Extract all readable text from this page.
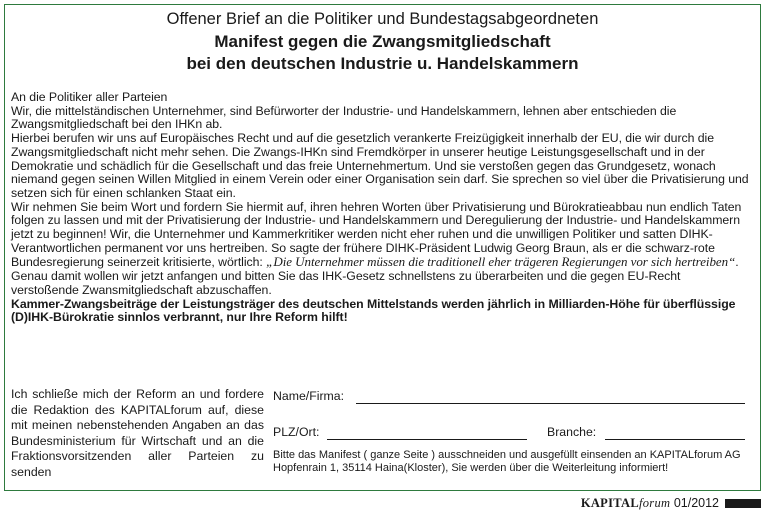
Offener Brief an die Politiker und Bundestagsabgeordneten
Manifest gegen die Zwangsmitgliedschaft
bei den deutschen Industrie u. Handelskammern

An die Politiker aller Parteien

Wir, die mittelständischen Unternehmer, sind Befürworter der Industrie- und Handelskammern, lehnen aber entschieden die Zwangsmitgliedschaft bei den IHKn ab.

Hierbei berufen wir uns auf Europäisches Recht und auf die gesetzlich verankerte Freizügigkeit innerhalb der EU, die wir durch die Zwangsmitgliedschaft nicht mehr sehen. Die Zwangs-IHKn sind Fremdkörper in unserer heutige Leistungsgesellschaft und in der Demokratie und schädlich für die Gesellschaft und das freie Unternehmertum. Und sie verstoßen gegen das Grundgesetz, wonach niemand gegen seinen Willen Mitglied in einem Verein oder einer Organisation sein darf. Sie sprechen so viel über die Privatisierung und setzen sich für einen schlanken Staat ein.

Wir nehmen Sie beim Wort und fordern Sie hiermit auf, ihren hehren Worten über Privatisierung und Bürokratieabbau nun endlich Taten folgen zu lassen und mit der Privatisierung der Industrie- und Handelskammern und Deregulierung der Industrie- und Handelskammern jetzt zu beginnen! Wir, die Unternehmer und Kammerkritiker werden nicht eher ruhen und die unwilligen Politiker und satten DIHK-Verantwortlichen permanent vor uns hertreiben. So sagte der frühere DIHK-Präsident Ludwig Georg Braun, als er die schwarz-rote Bundesregierung seinerzeit kritisierte, wörtlich: „Die Unternehmer müssen die traditionell eher trägeren Regierungen vor sich hertreiben“. Genau damit wollen wir jetzt anfangen und bitten Sie das IHK-Gesetz schnellstens zu überarbeiten und die gegen EU-Recht verstoßende Zwansmitgliedschaft abzuschaffen.

Kammer-Zwangsbeiträge der Leistungsträger des deutschen Mittelstands werden jährlich in Milliarden-Höhe für überflüssige (D)IHK-Bürokratie sinnlos verbrannt, nur Ihre Reform hilft!

Ich schließe mich der Reform an und fordere die Redaktion des KAPITALforum auf, diese mit meinen nebenstehenden Angaben an das Bundesministerium für Wirtschaft und an die Fraktionsvorsitzenden aller Parteien zu senden
Name/Firma:
PLZ/Ort:	Branche:
Bitte das Manifest ( ganze Seite ) ausschneiden und ausgefüllt einsenden an KAPITALforum AG
Hopfenrain 1, 35114 Haina(Kloster), Sie werden über die Weiterleitung informiert!
KAPITALforum 01/2012
